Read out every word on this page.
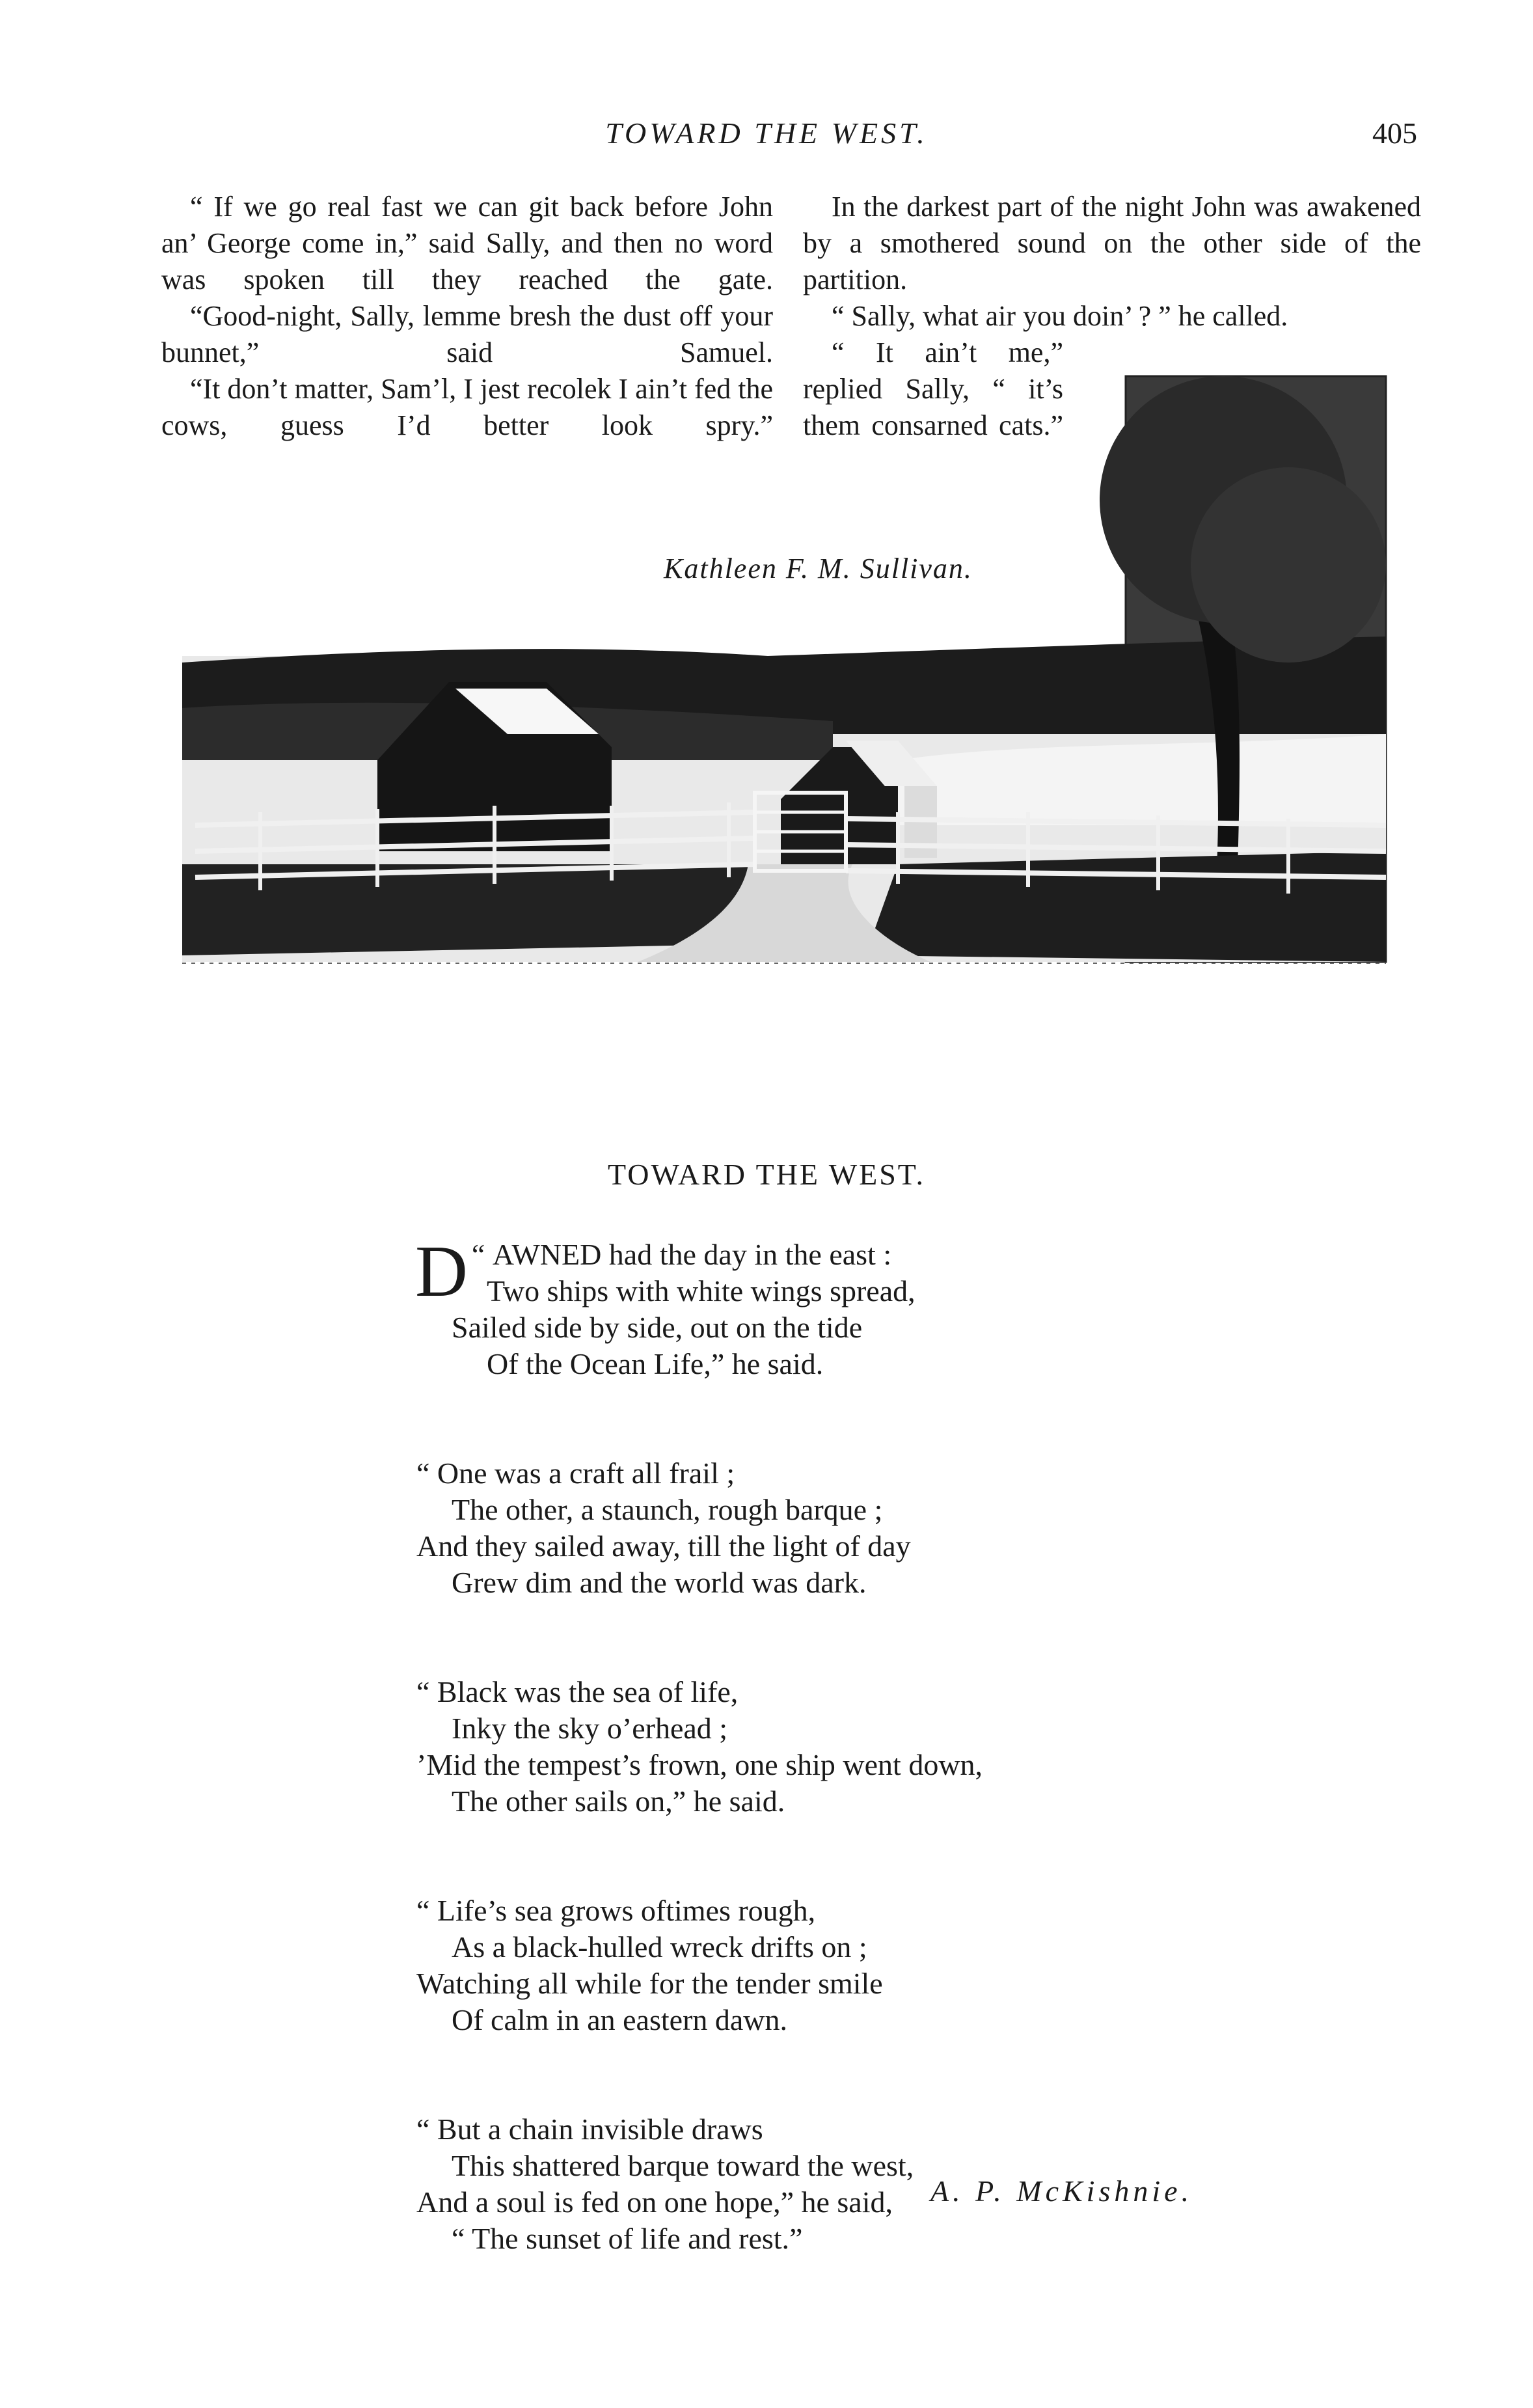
TOWARD THE WEST.	405

“ If we go real fast we can git back before John an’ George come in,” said Sally, and then no word was spoken till they reached the gate.

“Good-night, Sally, lemme bresh the dust off your bunnet,” said Samuel.

“It don’t matter, Sam’l, I jest recolek I ain’t fed the cows, guess I’d better look spry.”

In the darkest part of the night John was awakened by a smothered sound on the other side of the partition.

“ Sally, what air you doin’ ? ” he called.

“ It ain’t me,” replied Sally, “ it’s them consarned cats.”

Kathleen F. M. Sullivan.
TOWARD THE WEST.
“
D AWNED had the day in the east :
Two ships with white wings spread,
Sailed side by side, out on the tide
Of the Ocean Life,” he said.
“ One was a craft all frail ;
The other, a staunch, rough barque ;
And they sailed away, till the light of day
Grew dim and the world was dark.
“ Black was the sea of life,
Inky the sky o’erhead ;
’Mid the tempest’s frown, one ship went down,
The other sails on,” he said.
“ Life’s sea grows oftimes rough,
As a black-hulled wreck drifts on ;
Watching all while for the tender smile
Of calm in an eastern dawn.
“ But a chain invisible draws
This shattered barque toward the west,
And a soul is fed on one hope,” he said,
“ The sunset of life and rest.”
A. P. McKishnie.
